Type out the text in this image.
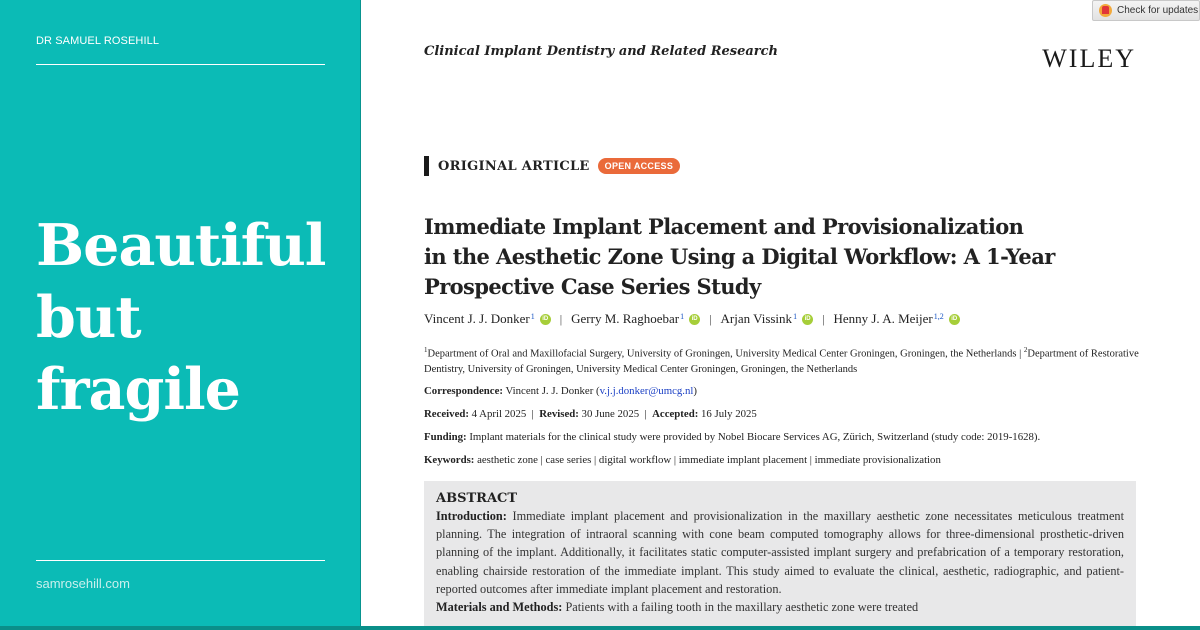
DR SAMUEL ROSEHILL
Beautiful
but
fragile
samrosehill.com
Check for updates
Clinical Implant Dentistry and Related Research	WILEY
ORIGINAL ARTICLE	OPEN ACCESS
Immediate Implant Placement and Provisionalization
in the Aesthetic Zone Using a Digital Workflow: A 1-Year
Prospective Case Series Study
Vincent J. J. Donker$^1$	iD | Gerry M. Raghoebar$^1$	iD | Arjan Vissink$^1$	iD | Henny J. A. Meijer$^{1,2}$	iD
$^1$Department of Oral and Maxillofacial Surgery, University of Groningen, University Medical Center Groningen, Groningen, the Netherlands | $^2$Department of Restorative Dentistry, University of Groningen, University Medical Center Groningen, Groningen, the Netherlands
Correspondence: Vincent J. J. Donker (v.j.j.donker@umcg.nl)
Received: 4 April 2025 | Revised: 30 June 2025 | Accepted: 16 July 2025
Funding: Implant materials for the clinical study were provided by Nobel Biocare Services AG, Zürich, Switzerland (study code: 2019-1628).
Keywords: aesthetic zone | case series | digital workflow | immediate implant placement | immediate provisionalization
ABSTRACT
Introduction: Immediate implant placement and provisionalization in the maxillary aesthetic zone necessitates meticulous treatment planning. The integration of intraoral scanning with cone beam computed tomography allows for three-dimensional prosthetic-driven planning of the implant. Additionally, it facilitates static computer-assisted implant surgery and prefabrication of a temporary restoration, enabling chairside restoration of the immediate implant. This study aimed to evaluate the clinical, aesthetic, radiographic, and patient-reported outcomes after immediate implant placement and restoration.
Materials and Methods: Patients with a failing tooth in the maxillary aesthetic zone were treated
